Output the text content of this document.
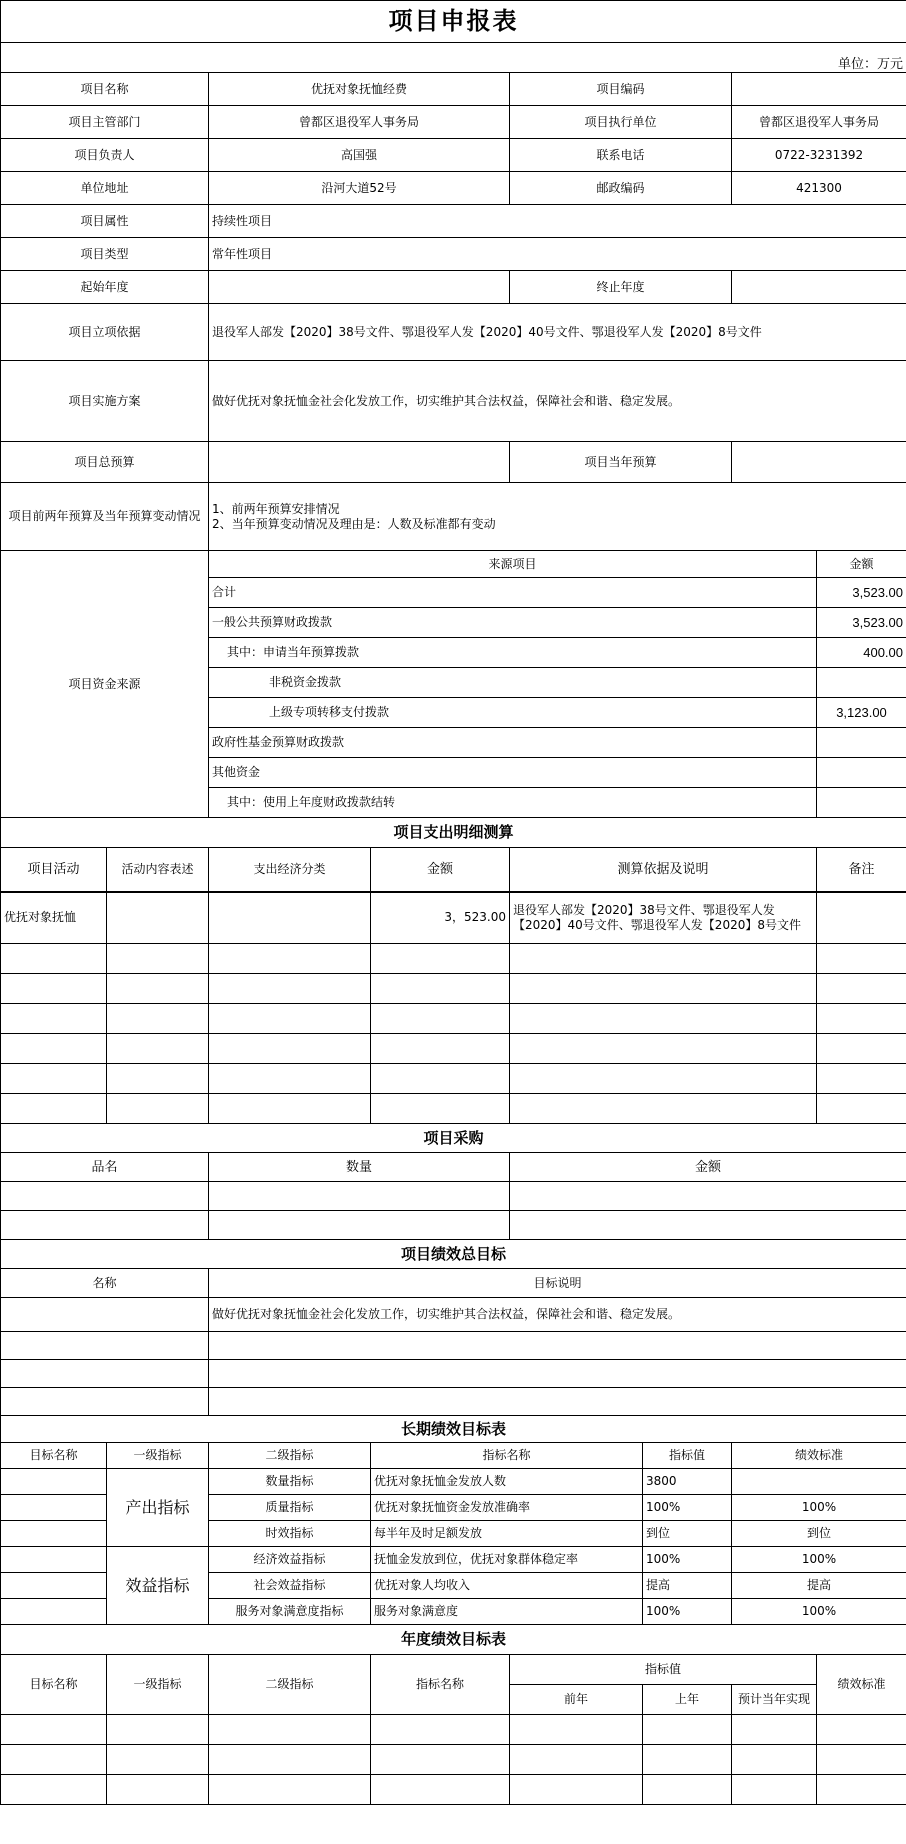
项目申报表							
单位：万元							
项目名称		优抚对象抚恤经费		项目编码			
项目主管部门		曾都区退役军人事务局		项目执行单位		曾都区退役军人事务局	
项目负责人		高国强		联系电话		0722-3231392	
单位地址		沿河大道52号		邮政编码		421300	
项目属性		持续性项目					
项目类型		常年性项目					
起始年度				终止年度			
项目立项依据		退役军人部发【2020】38号文件、鄂退役军人发【2020】40号文件、鄂退役军人发【2020】8号文件					
项目实施方案		做好优抚对象抚恤金社会化发放工作，切实维护其合法权益，保障社会和谐、稳定发展。					
项目总预算				项目当年预算			
项目前两年预算及当年预算变动情况		1、前两年预算安排情况
2、当年预算变动情况及理由是：人数及标准都有变动					

项目资金来源		来源项目					金额
		合计					3,523.00
		一般公共预算财政拨款					3,523.00
		其中：申请当年预算拨款					400.00
		非税资金拨款					
		上级专项转移支付拨款					3,123.00
		政府性基金预算财政拨款					
		其他资金					
		其中：使用上年度财政拨款结转					
项目支出明细测算							
项目活动	活动内容表述	支出经济分类	金额	测算依据及说明			备注
优抚对象抚恤			3，523.00	退役军人部发【2020】38号文件、鄂退役军人发【2020】40号文件、鄂退役军人发【2020】8号文件			

项目采购							
品名		数量		金额			

项目绩效总目标							
名称		目标说明					
		做好优抚对象抚恤金社会化发放工作，切实维护其合法权益，保障社会和谐、稳定发展。					

长期绩效目标表							
目标名称	一级指标	二级指标	指标名称		指标值	绩效标准	
	产出指标	数量指标	优抚对象抚恤金发放人数		3800		
		质量指标	优抚对象抚恤资金发放准确率		100%	100%	
		时效指标	每半年及时足额发放		到位	到位	
	效益指标	经济效益指标	抚恤金发放到位，优抚对象群体稳定率		100%	100%	
		社会效益指标	优抚对象人均收入		提高	提高	
		服务对象满意度指标	服务对象满意度		100%	100%	
年度绩效目标表							
目标名称	一级指标	二级指标	指标名称	指标值			绩效标准
				前年	上年	预计当年实现	
